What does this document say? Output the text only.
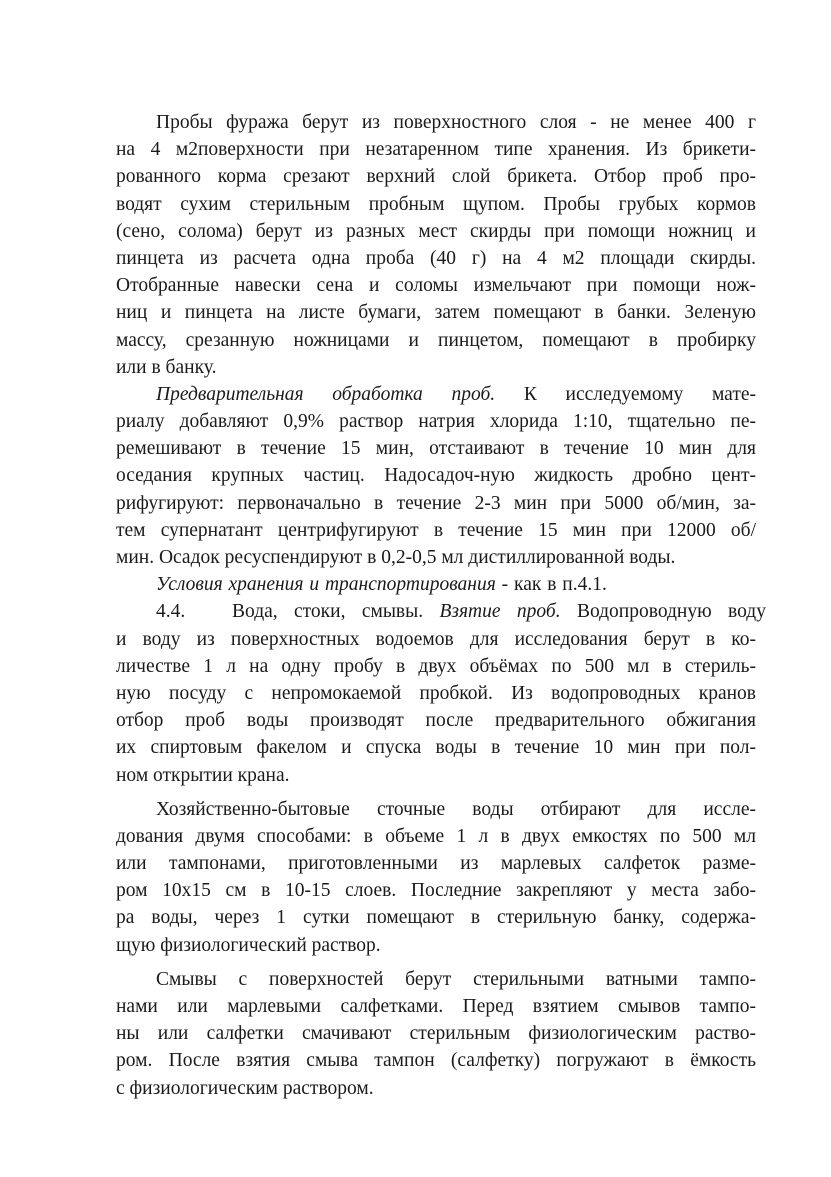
Пробы фуража берут из поверхностного слоя - не менее 400 г
на 4 м2поверхности при незатаренном типе хранения. Из брикети-
рованного корма срезают верхний слой брикета. Отбор проб про-
водят сухим стерильным пробным щупом. Пробы грубых кормов
(сено, солома) берут из разных мест скирды при помощи ножниц и
пинцета из расчета одна проба (40 г) на 4 м2 площади скирды.
Отобранные навески сена и соломы измельчают при помощи нож-
ниц и пинцета на листе бумаги, затем помещают в банки. Зеленую
массу, срезанную ножницами и пинцетом, помещают в пробирку
или в банку.
Предварительная обработка проб. К исследуемому мате-
риалу добавляют 0,9% раствор натрия хлорида 1:10, тщательно пе-
ремешивают в течение 15 мин, отстаивают в течение 10 мин для
оседания крупных частиц. Надосадоч-ную жидкость дробно цент-
рифугируют: первоначально в течение 2-3 мин при 5000 об/мин, за-
тем супернатант центрифугируют в течение 15 мин при 12000 об/
мин. Осадок ресуспендируют в 0,2-0,5 мл дистиллированной воды.
Условия хранения и транспортирования - как в п.4.1.
4.4. Вода, стоки, смывы. Взятие проб. Водопроводную воду
и воду из поверхностных водоемов для исследования берут в ко-
личестве 1 л на одну пробу в двух объёмах по 500 мл в стериль-
ную посуду с непромокаемой пробкой. Из водопроводных кранов
отбор проб воды производят после предварительного обжигания
их спиртовым факелом и спуска воды в течение 10 мин при пол-
ном открытии крана.
Хозяйственно-бытовые сточные воды отбирают для иссле-
дования двумя способами: в объеме 1 л в двух емкостях по 500 мл
или тампонами, приготовленными из марлевых салфеток разме-
ром 10х15 см в 10-15 слоев. Последние закрепляют у места забо-
ра воды, через 1 сутки помещают в стерильную банку, содержа-
щую физиологический раствор.
Смывы с поверхностей берут стерильными ватными тампо-
нами или марлевыми салфетками. Перед взятием смывов тампо-
ны или салфетки смачивают стерильным физиологическим раство-
ром. После взятия смыва тампон (салфетку) погружают в ёмкость
с физиологическим раствором.
